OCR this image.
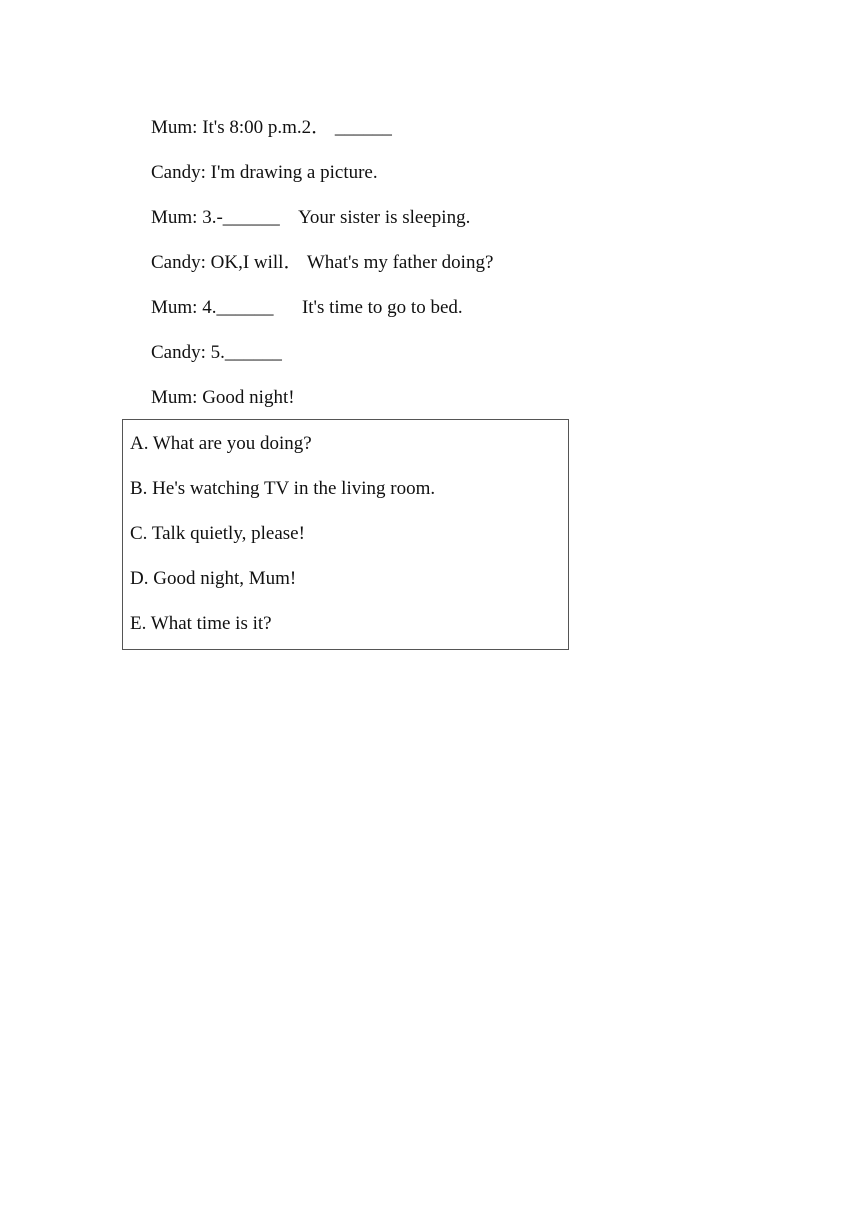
Mum: It's 8:00 p.m.2． ______
Candy: I'm drawing a picture.
Mum: 3.-______    Your sister is sleeping.
Candy: OK,I will． What's my father doing?
Mum: 4.______      It's time to go to bed.
Candy: 5.______
Mum: Good night!
A. What are you doing?
B. He's watching TV in the living room.
C. Talk quietly, please!
D. Good night, Mum!
E. What time is it?
